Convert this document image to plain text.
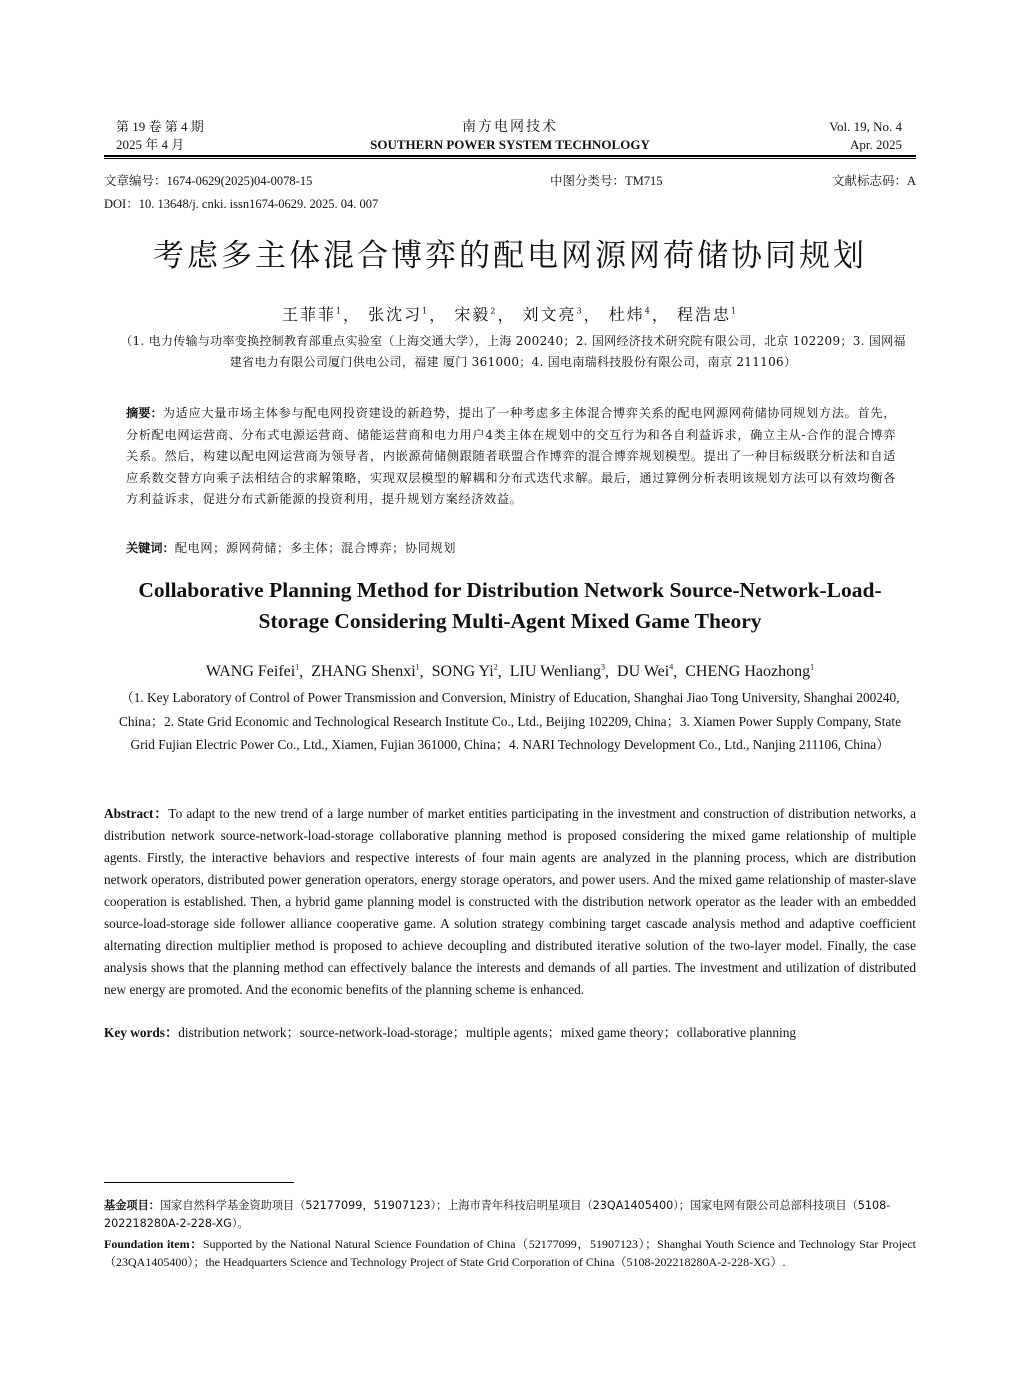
第 19 卷 第 4 期
2025 年 4 月
南方电网技术
SOUTHERN POWER SYSTEM TECHNOLOGY
Vol. 19, No. 4
Apr. 2025
文章编号：1674-0629(2025)04-0078-15	中图分类号：TM715	文献标志码：A
DOI：10. 13648/j. cnki. issn1674-0629. 2025. 04. 007
考虑多主体混合博弈的配电网源网荷储协同规划
王菲菲$^1$， 张沈习$^1$， 宋毅$^2$， 刘文亮$^3$， 杜炜$^4$， 程浩忠$^1$
（1. 电力传输与功率变换控制教育部重点实验室（上海交通大学），上海 200240；2. 国网经济技术研究院有限公司，北京 102209；3. 国网福建省电力有限公司厦门供电公司，福建 厦门 361000；4. 国电南瑞科技股份有限公司，南京 211106）
摘要：为适应大量市场主体参与配电网投资建设的新趋势，提出了一种考虑多主体混合博弈关系的配电网源网荷储协同规划方法。首先，分析配电网运营商、分布式电源运营商、储能运营商和电力用户4类主体在规划中的交互行为和各自利益诉求，确立主从-合作的混合博弈关系。然后，构建以配电网运营商为领导者，内嵌源荷储侧跟随者联盟合作博弈的混合博弈规划模型。提出了一种目标级联分析法和自适应系数交替方向乘子法相结合的求解策略，实现双层模型的解耦和分布式迭代求解。最后，通过算例分析表明该规划方法可以有效均衡各方利益诉求，促进分布式新能源的投资利用，提升规划方案经济效益。
关键词：配电网；源网荷储；多主体；混合博弈；协同规划
Collaborative Planning Method for Distribution Network Source-Network-Load-Storage Considering Multi-Agent Mixed Game Theory
WANG Feifei$^1$,  ZHANG Shenxi$^1$,  SONG Yi$^2$,  LIU Wenliang$^3$,  DU Wei$^4$,  CHENG Haozhong$^1$
（1. Key Laboratory of Control of Power Transmission and Conversion, Ministry of Education, Shanghai Jiao Tong University, Shanghai 200240, China；2. State Grid Economic and Technological Research Institute Co., Ltd., Beijing 102209, China；3. Xiamen Power Supply Company, State Grid Fujian Electric Power Co., Ltd., Xiamen, Fujian 361000, China；4. NARI Technology Development Co., Ltd., Nanjing 211106, China）
Abstract：To adapt to the new trend of a large number of market entities participating in the investment and construction of distribution networks, a distribution network source-network-load-storage collaborative planning method is proposed considering the mixed game relationship of multiple agents. Firstly, the interactive behaviors and respective interests of four main agents are analyzed in the planning process, which are distribution network operators, distributed power generation operators, energy storage operators, and power users. And the mixed game relationship of master-slave cooperation is established. Then, a hybrid game planning model is constructed with the distribution network operator as the leader with an embedded source-load-storage side follower alliance cooperative game. A solution strategy combining target cascade analysis method and adaptive coefficient alternating direction multiplier method is proposed to achieve decoupling and distributed iterative solution of the two-layer model. Finally, the case analysis shows that the planning method can effectively balance the interests and demands of all parties. The investment and utilization of distributed new energy are promoted. And the economic benefits of the planning scheme is enhanced.
Key words：distribution network；source-network-load-storage；multiple agents；mixed game theory；collaborative planning
基金项目：国家自然科学基金资助项目（52177099，51907123）；上海市青年科技启明星项目（23QA1405400）；国家电网有限公司总部科技项目（5108-202218280A-2-228-XG）。
Foundation item：Supported by the National Natural Science Foundation of China（52177099，51907123）；Shanghai Youth Science and Technology Star Project（23QA1405400）；the Headquarters Science and Technology Project of State Grid Corporation of China（5108-202218280A-2-228-XG）.
